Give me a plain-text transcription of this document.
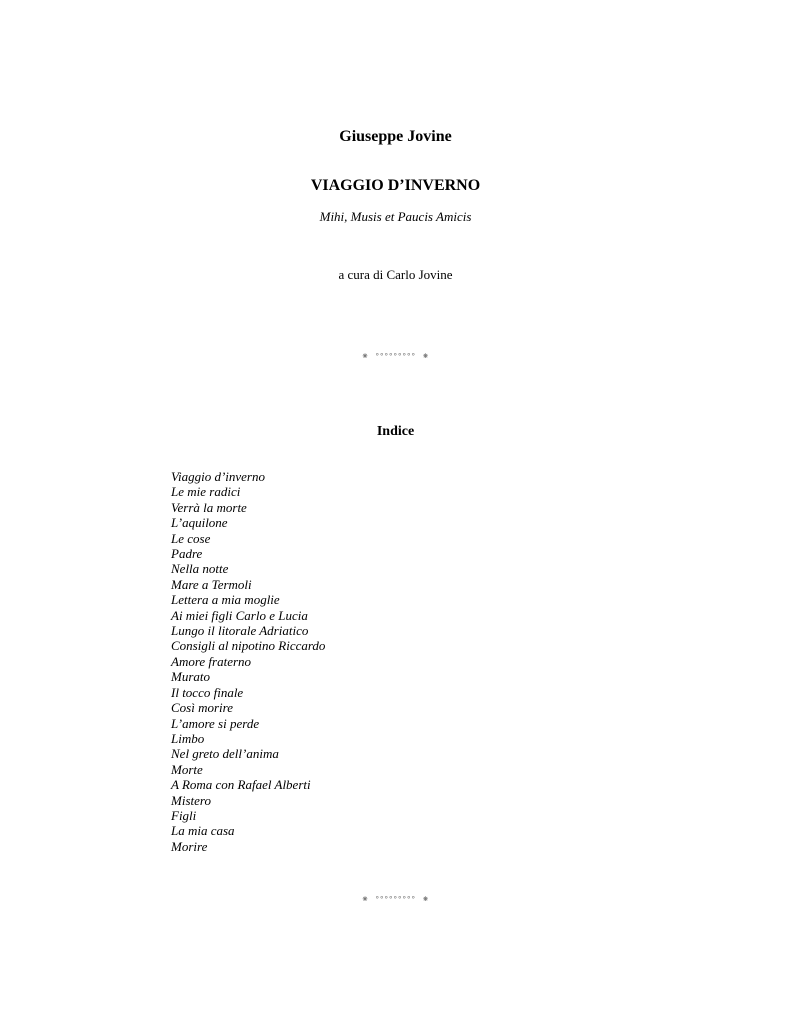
Giuseppe Jovine
VIAGGIO D’INVERNO
Mihi, Musis et Paucis Amicis
a cura di Carlo Jovine
⁕ °°°°°°°°° ⁕
Indice
Viaggio d’inverno
Le mie radici
Verrà la morte
L’aquilone
Le cose
Padre
Nella notte
Mare a Termoli
Lettera a mia moglie
Ai miei figli Carlo e Lucia
Lungo il litorale Adriatico
Consigli al nipotino Riccardo
Amore fraterno
Murato
Il tocco finale
Così morire
L’amore si perde
Limbo
Nel greto dell’anima
Morte
A Roma con Rafael Alberti
Mistero
Figli
La mia casa
Morire
⁕ °°°°°°°°° ⁕
